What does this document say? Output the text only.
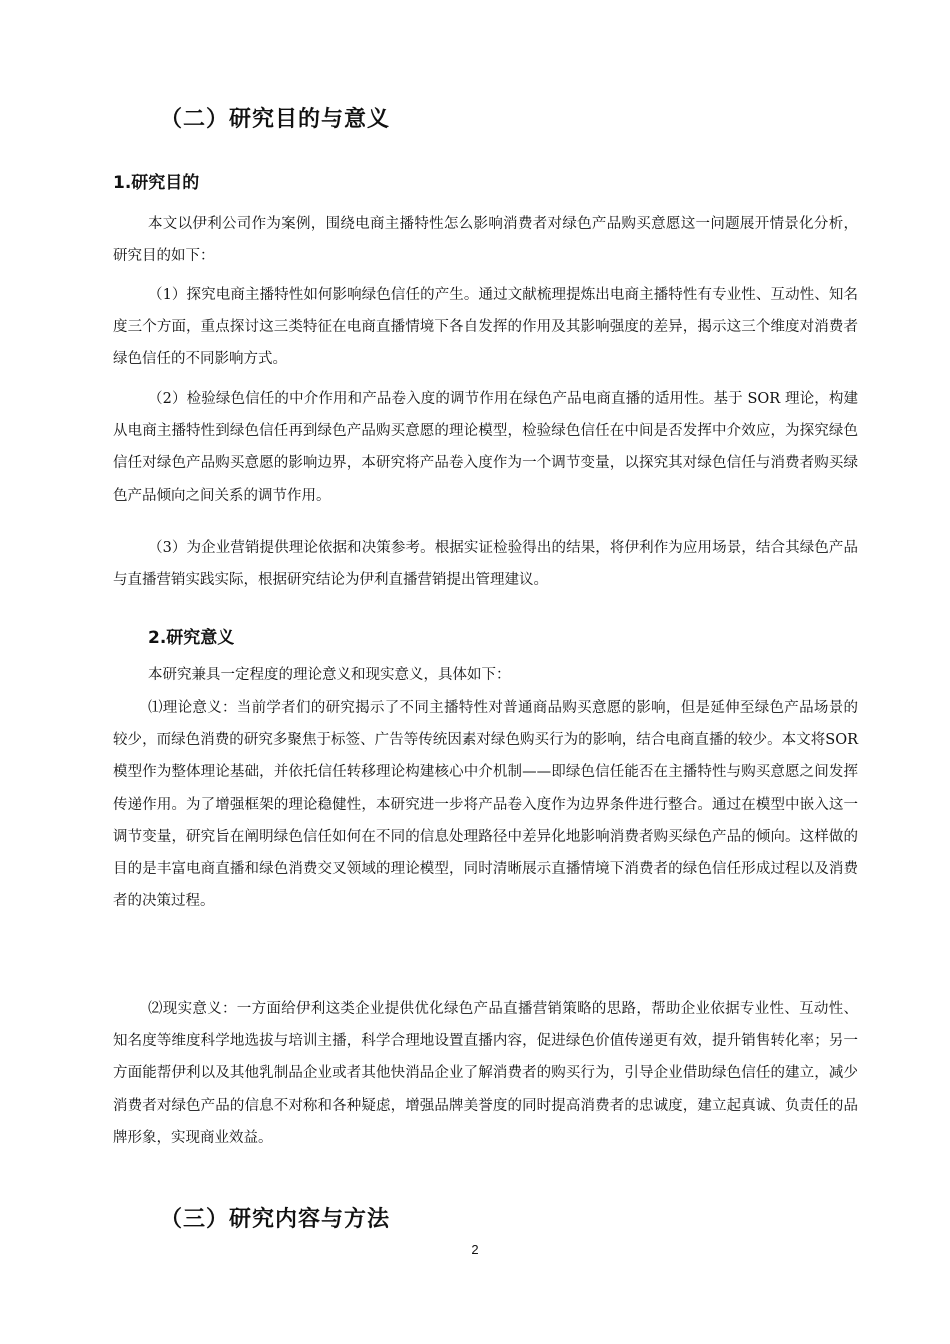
（二）研究目的与意义
1.研究目的

本文以伊利公司作为案例，围绕电商主播特性怎么影响消费者对绿色产品购买意愿这一问题展开情景化分析，研究目的如下：

（1）探究电商主播特性如何影响绿色信任的产生。通过文献梳理提炼出电商主播特性有专业性、互动性、知名度三个方面，重点探讨这三类特征在电商直播情境下各自发挥的作用及其影响强度的差异，揭示这三个维度对消费者绿色信任的不同影响方式。

（2）检验绿色信任的中介作用和产品卷入度的调节作用在绿色产品电商直播的适用性。基于 SOR 理论，构建从电商主播特性到绿色信任再到绿色产品购买意愿的理论模型，检验绿色信任在中间是否发挥中介效应，为探究绿色信任对绿色产品购买意愿的影响边界，本研究将产品卷入度作为一个调节变量，以探究其对绿色信任与消费者购买绿色产品倾向之间关系的调节作用。

（3）为企业营销提供理论依据和决策参考。根据实证检验得出的结果，将伊利作为应用场景，结合其绿色产品与直播营销实践实际，根据研究结论为伊利直播营销提出管理建议。

2.研究意义

本研究兼具一定程度的理论意义和现实意义，具体如下：

⑴理论意义：当前学者们的研究揭示了不同主播特性对普通商品购买意愿的影响，但是延伸至绿色产品场景的较少，而绿色消费的研究多聚焦于标签、广告等传统因素对绿色购买行为的影响，结合电商直播的较少。本文将SOR模型作为整体理论基础，并依托信任转移理论构建核心中介机制——即绿色信任能否在主播特性与购买意愿之间发挥传递作用。为了增强框架的理论稳健性，本研究进一步将产品卷入度作为边界条件进行整合。通过在模型中嵌入这一调节变量，研究旨在阐明绿色信任如何在不同的信息处理路径中差异化地影响消费者购买绿色产品的倾向。这样做的目的是丰富电商直播和绿色消费交叉领域的理论模型，同时清晰展示直播情境下消费者的绿色信任形成过程以及消费者的决策过程。

⑵现实意义：一方面给伊利这类企业提供优化绿色产品直播营销策略的思路，帮助企业依据专业性、互动性、知名度等维度科学地选拔与培训主播，科学合理地设置直播内容，促进绿色价值传递更有效，提升销售转化率；另一方面能帮伊利以及其他乳制品企业或者其他快消品企业了解消费者的购买行为，引导企业借助绿色信任的建立，减少消费者对绿色产品的信息不对称和各种疑虑，增强品牌美誉度的同时提高消费者的忠诚度，建立起真诚、负责任的品牌形象，实现商业效益。

（三）研究内容与方法
2
